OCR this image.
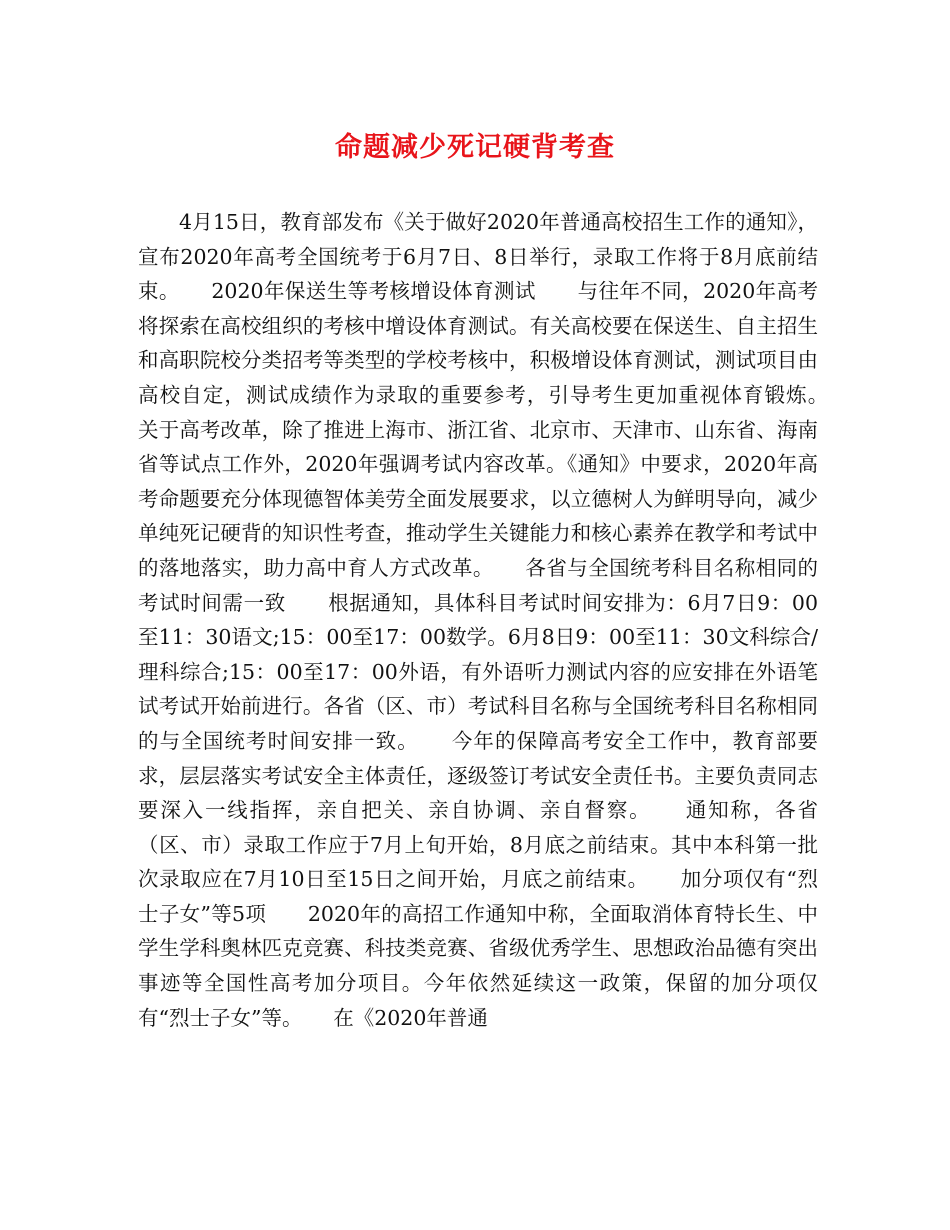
命题减少死记硬背考查

4月15日，教育部发布《关于做好2020年普通高校招生工作的通知》，宣布2020年高考全国统考于6月7日、8日举行，录取工作将于8月底前结束。　　2020年保送生等考核增设体育测试　　与往年不同，2020年高考将探索在高校组织的考核中增设体育测试。有关高校要在保送生、自主招生和高职院校分类招考等类型的学校考核中，积极增设体育测试，测试项目由高校自定，测试成绩作为录取的重要参考，引导考生更加重视体育锻炼。　　关于高考改革，除了推进上海市、浙江省、北京市、天津市、山东省、海南省等试点工作外，2020年强调考试内容改革。《通知》中要求，2020年高考命题要充分体现德智体美劳全面发展要求，以立德树人为鲜明导向，减少单纯死记硬背的知识性考查，推动学生关键能力和核心素养在教学和考试中的落地落实，助力高中育人方式改革。　　各省与全国统考科目名称相同的考试时间需一致　　根据通知，具体科目考试时间安排为：6月7日9：00至11：30语文;15：00至17：00数学。6月8日9：00至11：30文科综合/理科综合;15：00至17：00外语，有外语听力测试内容的应安排在外语笔试考试开始前进行。各省（区、市）考试科目名称与全国统考科目名称相同的与全国统考时间安排一致。　　今年的保障高考安全工作中，教育部要求，层层落实考试安全主体责任，逐级签订考试安全责任书。主要负责同志要深入一线指挥，亲自把关、亲自协调、亲自督察。　　通知称，各省（区、市）录取工作应于7月上旬开始，8月底之前结束。其中本科第一批次录取应在7月10日至15日之间开始，月底之前结束。　　加分项仅有“烈士子女”等5项　　2020年的高招工作通知中称，全面取消体育特长生、中学生学科奥林匹克竞赛、科技类竞赛、省级优秀学生、思想政治品德有突出事迹等全国性高考加分项目。今年依然延续这一政策，保留的加分项仅有“烈士子女”等。　　在《2020年普通
